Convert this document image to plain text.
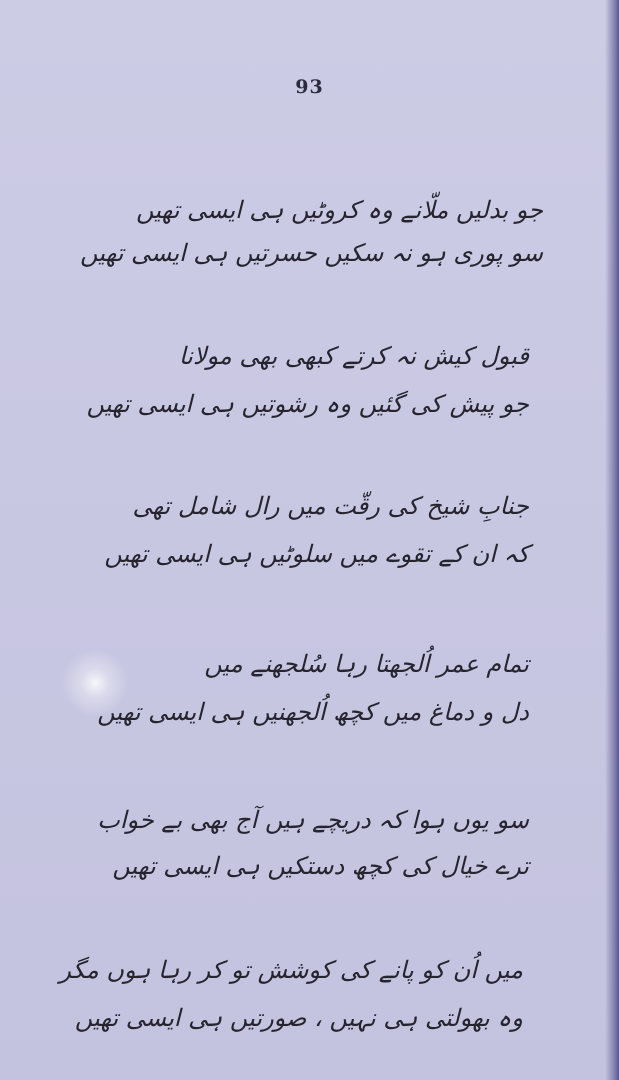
93
جو بدلیں ملّانے وہ کروٹیں ہی ایسی تھیں
سو پوری ہو نہ سکیں حسرتیں ہی ایسی تھیں
قبول کیش نہ کرتے کبھی بھی مولانا
جو پیش کی گئیں وہ رشوتیں ہی ایسی تھیں
جنابِ شیخ کی رقّت میں رال شامل تھی
کہ ان کے تقوے میں سلوٹیں ہی ایسی تھیں
تمام عمر اُلجھتا رہا سُلجھنے میں
دل و دماغ میں کچھ اُلجھنیں ہی ایسی تھیں
سو یوں ہوا کہ دریچے ہیں آج بھی بے خواب
ترے خیال کی کچھ دستکیں ہی ایسی تھیں
میں اُن کو پانے کی کوشش تو کر رہا ہوں مگر
وہ بھولتی ہی نہیں ، صورتیں ہی ایسی تھیں
